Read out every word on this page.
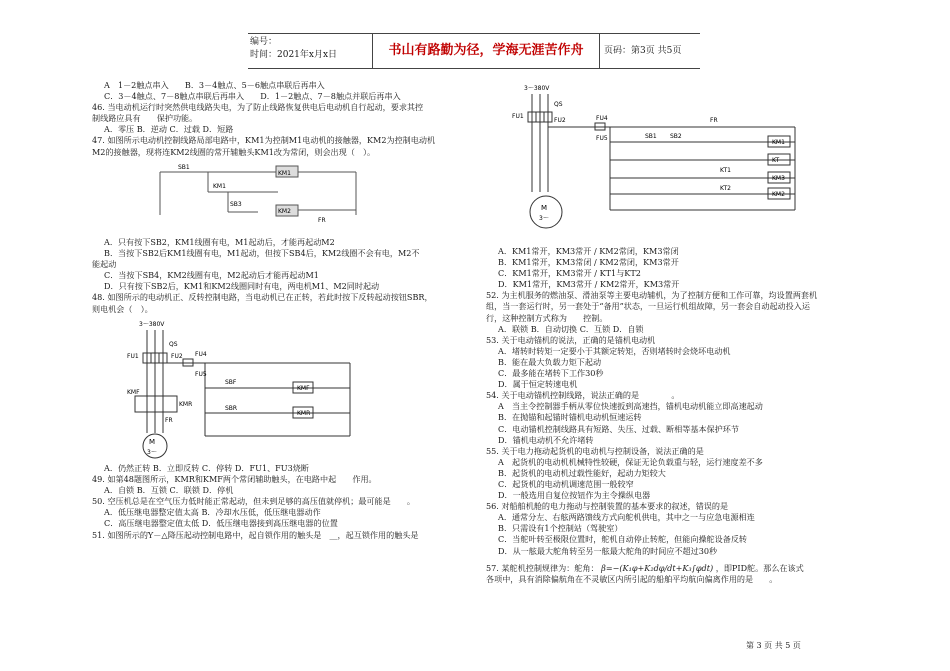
编号：
时间：2021年x月x日	书山有路勤为径，学海无涯苦作舟	页码：第3页 共5页

A　1－2触点串入　　B．3－4触点、5－6触点串联后再串入

C．3－4触点、7－8触点串联后再串入　　D．1－2触点、7－8触点并联后再串入

46. 当电动机运行时突然供电线路失电，为了防止线路恢复供电后电动机自行起动，要求其控

制线路应具有　　保护功能。

A．零压 B．逆动 C．过载 D．短路

47. 如图所示电动机控制线路局部电路中，KM1为控制M1电动机的接触器，KM2为控制电动机

M2的接触器，现将连KM2线圈的常开辅触头KM1改为常闭，则会出现（　）。

SB1
KM1
KM1
SB3
KM2
FR

A．只有按下SB2，KM1线圈有电，M1起动后，才能再起动M2

B．当按下SB2后KM1线圈有电，M1起动，但按下SB4后，KM2线圈不会有电，M2不

能起动

C．当按下SB4，KM2线圈有电，M2起动后才能再起动M1

D．只有按下SB2后，KM1和KM2线圈同时有电，两电机M1、M2同时起动

48. 如图所示的电动机正、反转控制电路，当电动机已在正转，若此时按下反转起动按钮SBR，

则电机会（　）。

3～380V
QS
FU1	FU2 FU4
FU5
KMF
KMR
FR
SBF
SBR
KMF
KMR
M
3～

A．仍然正转 B．立即反转 C．停转 D．FU1、FU3烧断

49. 如第48题图所示，KMR和KMF两个常闭辅助触头，在电路中起　　作用。

A．自锁 B．互锁 C．联锁 D．停机

50. 空压机总是在空气压力低时能正常起动，但未到足够的高压值就停机；最可能是　　。

A．低压继电器整定值太高 B．冷却水压低，低压继电器动作

C．高压继电器整定值太低 D．低压继电器接到高压继电器的位置

51. 如图所示的Y－△降压起动控制电路中，起自锁作用的触头是　__，起互锁作用的触头是

3～380V
QS
FU1
FU2	FU4
FU5	SB1 SB2
FR
KM1
KT
KM3
KM2
KT1
KT2
M
3～

A．KM1常开，KM3常开 / KM2常闭，KM3常闭

B．KM1常开，KM3常闭 / KM2常闭，KM3常开

C．KM1常开，KM3常开 / KT1与KT2

D．KM1常开，KM3常开 / KM2常开，KM3常开

52. 为主机服务的燃油泵、滑油泵等主要电动辅机，为了控制方便和工作可靠，均设置两套机

组，当一套运行时，另一套处于“备用”状态，一旦运行机组故障，另一套会自动起动投入运

行，这种控制方式称为　　控制。

A．联锁 B．自动切换 C．互锁 D．自锁

53. 关于电动锚机的说法，正确的是锚机电动机

A．堵转时转矩一定要小于其额定转矩，否则堵转时会烧坏电动机

B．能在最大负载力矩下起动

C．最多能在堵转下工作30秒

D．属于恒定转速电机

54. 关于电动锚机控制线路，说法正确的是　　　　。

A　当主令控制器手柄从零位快速扳到高速挡，锚机电动机能立即高速起动

B．在抛锚和起锚时锚机电动机恒速运转

C．电动锚机控制线路具有短路、失压、过载、断相等基本保护环节

D．锚机电动机不允许堵转

55. 关于电力拖动起货机的电动机与控制设备，说法正确的是

A　起货机的电动机机械特性较硬，保证无论负载重与轻，运行速度差不多

B．起货机的电动机过载性能好，起动力矩较大

C．起货机的电动机调速范围一般较窄

D．一般选用自复位按钮作为主令操纵电器

56. 对船舶机舱的电力拖动与控制装置的基本要求的叙述，错误的是

A．通常分左、右舷两路馈线方式向舵机供电，其中之一与应急电源相连

B．只需设有1个控制站（驾驶室）

C．当舵叶转至极限位置时，舵机自动停止转舵，但能向操舵设备反转

D．从一舷最大舵角转至另一舷最大舵角的时间应不超过30秒

57. 某舵机控制规律为：舵角： β=−(K₁φ+K₂dφ/dt+K₃∫φdt) ，即PID舵。那么在该式

各项中，具有消除偏航角在不灵敏区内所引起的船舶平均航向偏离作用的是　　。

第 3 页 共 5 页
